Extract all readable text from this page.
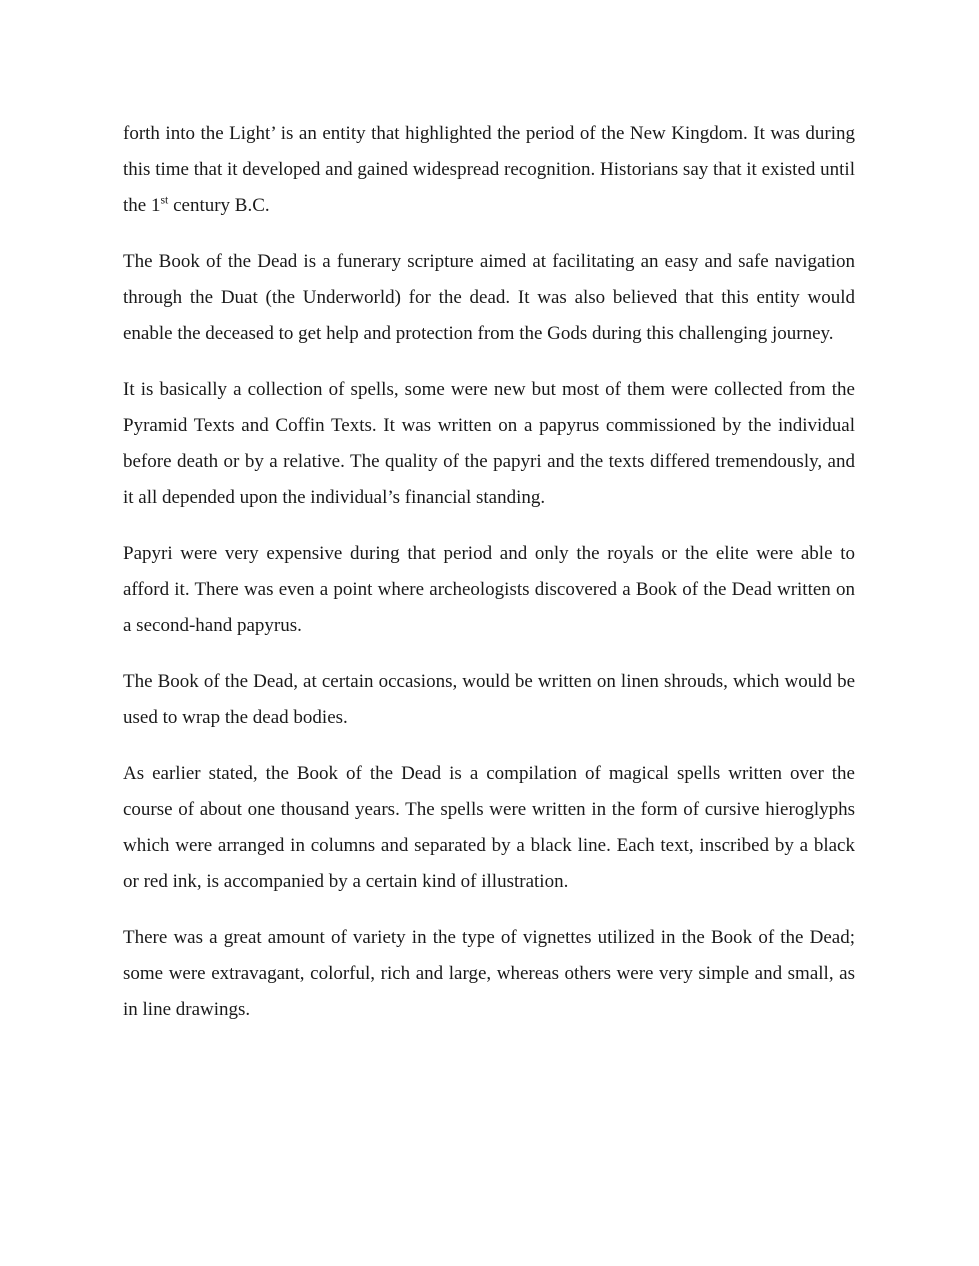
forth into the Light’ is an entity that highlighted the period of the New Kingdom. It was during this time that it developed and gained widespread recognition. Historians say that it existed until the 1st century B.C.

The Book of the Dead is a funerary scripture aimed at facilitating an easy and safe navigation through the Duat (the Underworld) for the dead. It was also believed that this entity would enable the deceased to get help and protection from the Gods during this challenging journey.

It is basically a collection of spells, some were new but most of them were collected from the Pyramid Texts and Coffin Texts. It was written on a papyrus commissioned by the individual before death or by a relative. The quality of the papyri and the texts differed tremendously, and it all depended upon the individual’s financial standing.

Papyri were very expensive during that period and only the royals or the elite were able to afford it. There was even a point where archeologists discovered a Book of the Dead written on a second-hand papyrus.

The Book of the Dead, at certain occasions, would be written on linen shrouds, which would be used to wrap the dead bodies.

As earlier stated, the Book of the Dead is a compilation of magical spells written over the course of about one thousand years. The spells were written in the form of cursive hieroglyphs which were arranged in columns and separated by a black line. Each text, inscribed by a black or red ink, is accompanied by a certain kind of illustration.

There was a great amount of variety in the type of vignettes utilized in the Book of the Dead; some were extravagant, colorful, rich and large, whereas others were very simple and small, as in line drawings.
